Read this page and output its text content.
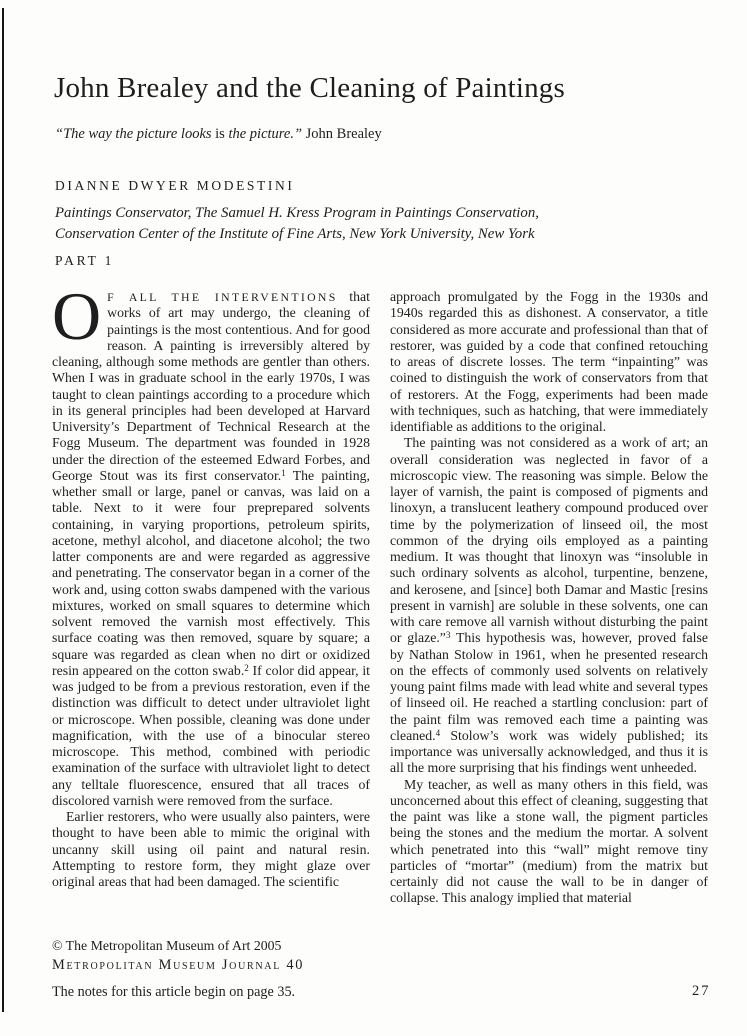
John Brealey and the Cleaning of Paintings

“The way the picture looks is the picture.” John Brealey

DIANNE DWYER MODESTINI
Paintings Conservator, The Samuel H. Kress Program in Paintings Conservation,
Conservation Center of the Institute of Fine Arts, New York University, New York
PART 1

O F ALL THE INTERVENTIONS that works of art may undergo, the cleaning of paintings is the most contentious. And for good reason. A painting is irreversibly altered by cleaning, although some methods are gentler than others. When I was in graduate school in the early 1970s, I was taught to clean paintings according to a procedure which in its general principles had been developed at Harvard University’s Department of Technical Research at the Fogg Museum. The department was founded in 1928 under the direction of the esteemed Edward Forbes, and George Stout was its first conservator.$^1$ The painting, whether small or large, panel or canvas, was laid on a table. Next to it were four preprepared solvents containing, in varying proportions, petroleum spirits, acetone, methyl alcohol, and diacetone alcohol; the two latter components are and were regarded as aggressive and penetrating. The conservator began in a corner of the work and, using cotton swabs dampened with the various mixtures, worked on small squares to determine which solvent removed the varnish most effectively. This surface coating was then removed, square by square; a square was regarded as clean when no dirt or oxidized resin appeared on the cotton swab.$^2$ If color did appear, it was judged to be from a previous restoration, even if the distinction was difficult to detect under ultraviolet light or microscope. When possible, cleaning was done under magnification, with the use of a binocular stereo microscope. This method, combined with periodic examination of the surface with ultraviolet light to detect any telltale fluorescence, ensured that all traces of discolored varnish were removed from the surface.

Earlier restorers, who were usually also painters, were thought to have been able to mimic the original with uncanny skill using oil paint and natural resin. Attempting to restore form, they might glaze over original areas that had been damaged. The scientific

approach promulgated by the Fogg in the 1930s and 1940s regarded this as dishonest. A conservator, a title considered as more accurate and professional than that of restorer, was guided by a code that confined retouching to areas of discrete losses. The term “inpainting” was coined to distinguish the work of conservators from that of restorers. At the Fogg, experiments had been made with techniques, such as hatching, that were immediately identifiable as additions to the original.

The painting was not considered as a work of art; an overall consideration was neglected in favor of a microscopic view. The reasoning was simple. Below the layer of varnish, the paint is composed of pigments and linoxyn, a translucent leathery compound produced over time by the polymerization of linseed oil, the most common of the drying oils employed as a painting medium. It was thought that linoxyn was “insoluble in such ordinary solvents as alcohol, turpentine, benzene, and kerosene, and [since] both Damar and Mastic [resins present in varnish] are soluble in these solvents, one can with care remove all varnish without disturbing the paint or glaze.”$^3$ This hypothesis was, however, proved false by Nathan Stolow in 1961, when he presented research on the effects of commonly used solvents on relatively young paint films made with lead white and several types of linseed oil. He reached a startling conclusion: part of the paint film was removed each time a painting was cleaned.$^4$ Stolow’s work was widely published; its importance was universally acknowledged, and thus it is all the more surprising that his findings went unheeded.

My teacher, as well as many others in this field, was unconcerned about this effect of cleaning, suggesting that the paint was like a stone wall, the pigment particles being the stones and the medium the mortar. A solvent which penetrated into this “wall” might remove tiny particles of “mortar” (medium) from the matrix but certainly did not cause the wall to be in danger of collapse. This analogy implied that material

© The Metropolitan Museum of Art 2005
Metropolitan Museum Journal 40
The notes for this article begin on page 35.	27
